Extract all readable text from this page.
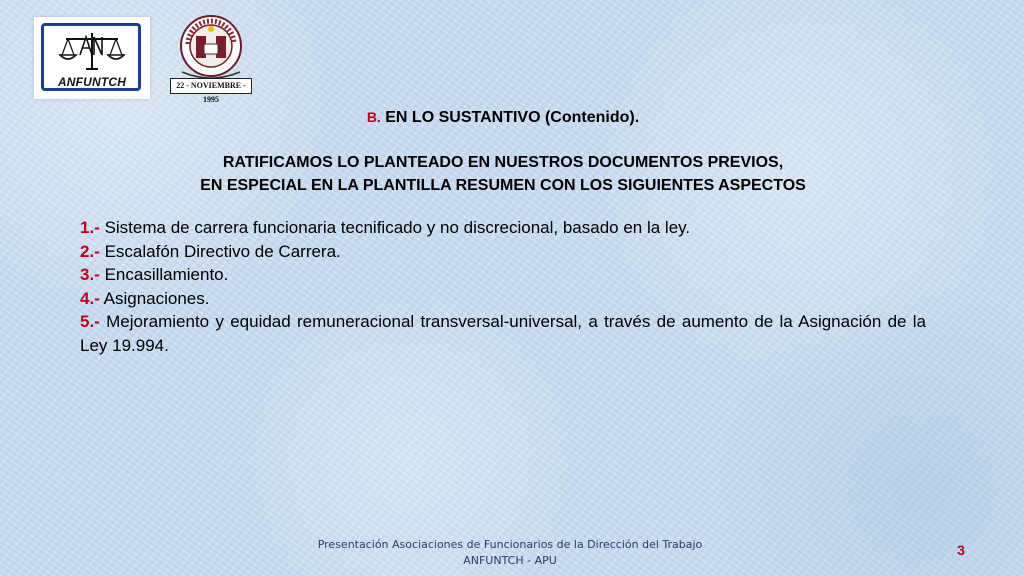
ANFUNTCH	22 - NOVIEMBRE - 1995
B. EN LO SUSTANTIVO (Contenido).
RATIFICAMOS LO PLANTEADO EN NUESTROS DOCUMENTOS PREVIOS,
EN ESPECIAL EN LA PLANTILLA RESUMEN CON LOS SIGUIENTES ASPECTOS

1.- Sistema de carrera funcionaria tecnificado y no discrecional, basado en la ley.

2.- Escalafón Directivo de Carrera.

3.- Encasillamiento.

4.- Asignaciones.

5.- Mejoramiento y equidad remuneracional transversal-universal, a través de aumento de la Asignación de la Ley 19.994.

Presentación Asociaciones de Funcionarios de la Dirección del Trabajo
ANFUNTCH - APU
3
